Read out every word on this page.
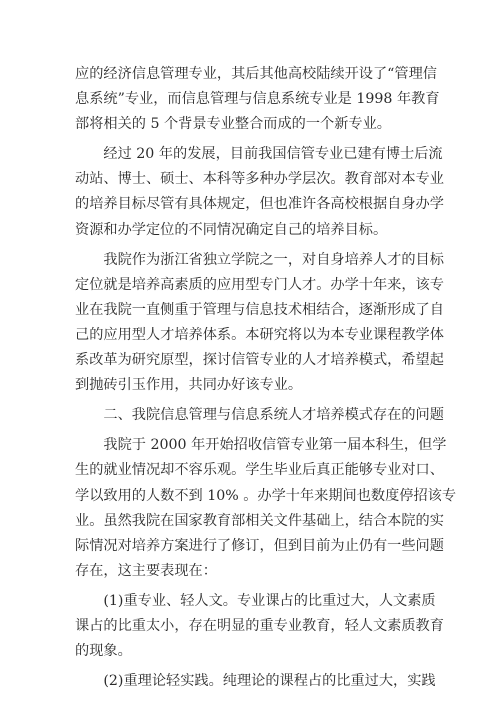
应的经济信息管理专业，其后其他高校陆续开设了“管理信
息系统”专业，而信息管理与信息系统专业是 1998 年教育
部将相关的 5 个背景专业整合而成的一个新专业。
　　经过 20 年的发展，目前我国信管专业已建有博士后流
动站、博士、硕士、本科等多种办学层次。教育部对本专业
的培养目标尽管有具体规定，但也准许各高校根据自身办学
资源和办学定位的不同情况确定自己的培养目标。
　　我院作为浙江省独立学院之一，对自身培养人才的目标
定位就是培养高素质的应用型专门人才。办学十年来，该专
业在我院一直侧重于管理与信息技术相结合，逐渐形成了自
己的应用型人才培养体系。本研究将以为本专业课程教学体
系改革为研究原型，探讨信管专业的人才培养模式，希望起
到抛砖引玉作用，共同办好该专业。
　　二、我院信息管理与信息系统人才培养模式存在的问题
　　我院于 2000 年开始招收信管专业第一届本科生，但学
生的就业情况却不容乐观。学生毕业后真正能够专业对口、
学以致用的人数不到 10% 。办学十年来期间也数度停招该专
业。虽然我院在国家教育部相关文件基础上，结合本院的实
际情况对培养方案进行了修订，但到目前为止仍有一些问题
存在，这主要表现在：
　　(1)重专业、轻人文。专业课占的比重过大，人文素质
课占的比重太小，存在明显的重专业教育，轻人文素质教育
的现象。
　　(2)重理论轻实践。纯理论的课程占的比重过大，实践
